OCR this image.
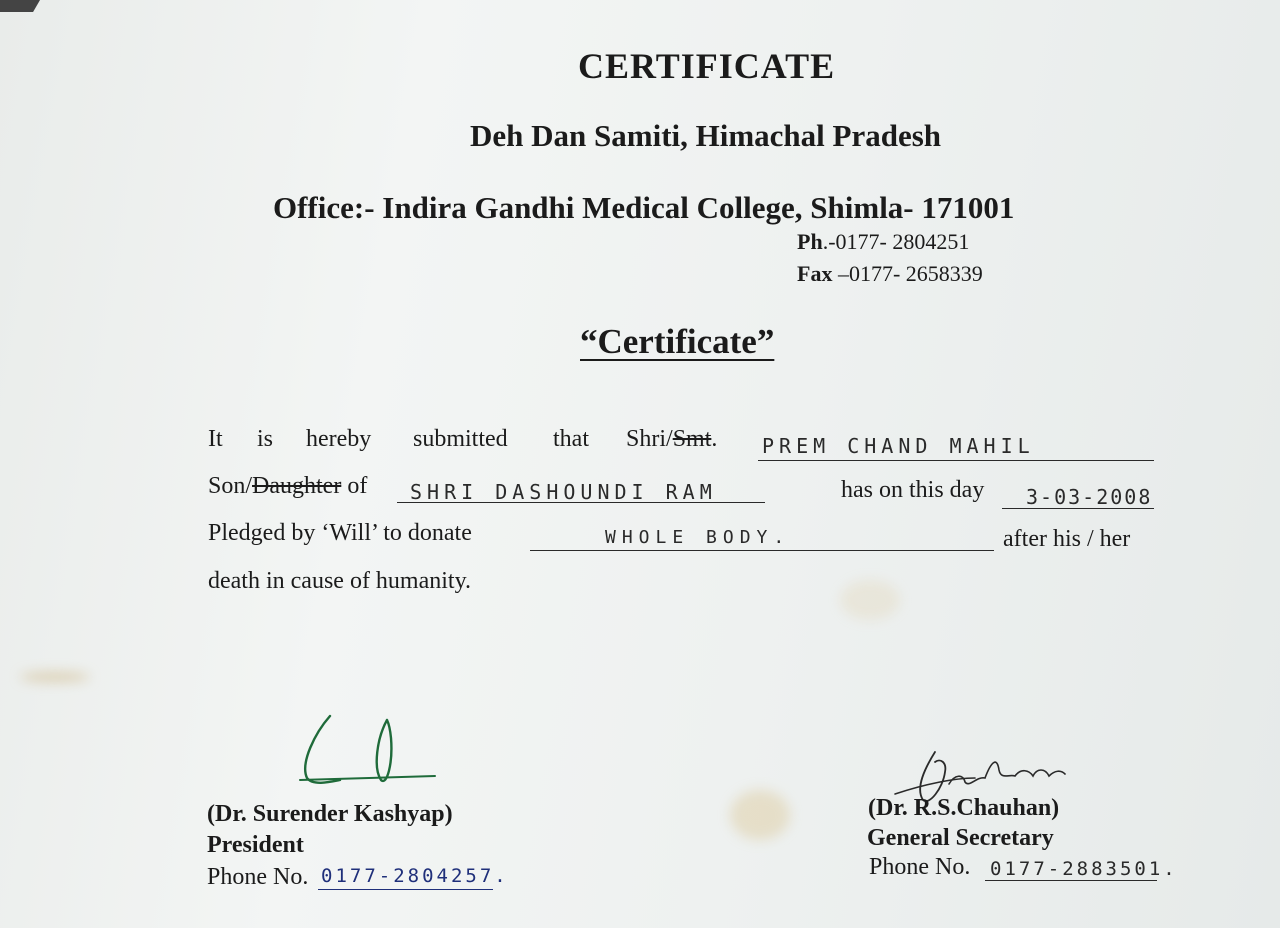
CERTIFICATE
Deh Dan Samiti, Himachal Pradesh
Office:- Indira Gandhi Medical College, Shimla- 171001
Ph.-0177- 2804251
Fax –0177- 2658339
“Certificate”
It is hereby submitted that Shri/Smt. PREM CHAND MAHIL
Son/Daughter of SHRI DASHOUNDI RAM	has on this day 3-03-2008
Pledged by ‘Will’ to donate	WHOLE BODY.	after his / her
death in cause of humanity.
(Dr. Surender Kashyap)
President
Phone No. 0177-2804257.
(Dr. R.S.Chauhan)
General Secretary
Phone No. 0177-2883501.
